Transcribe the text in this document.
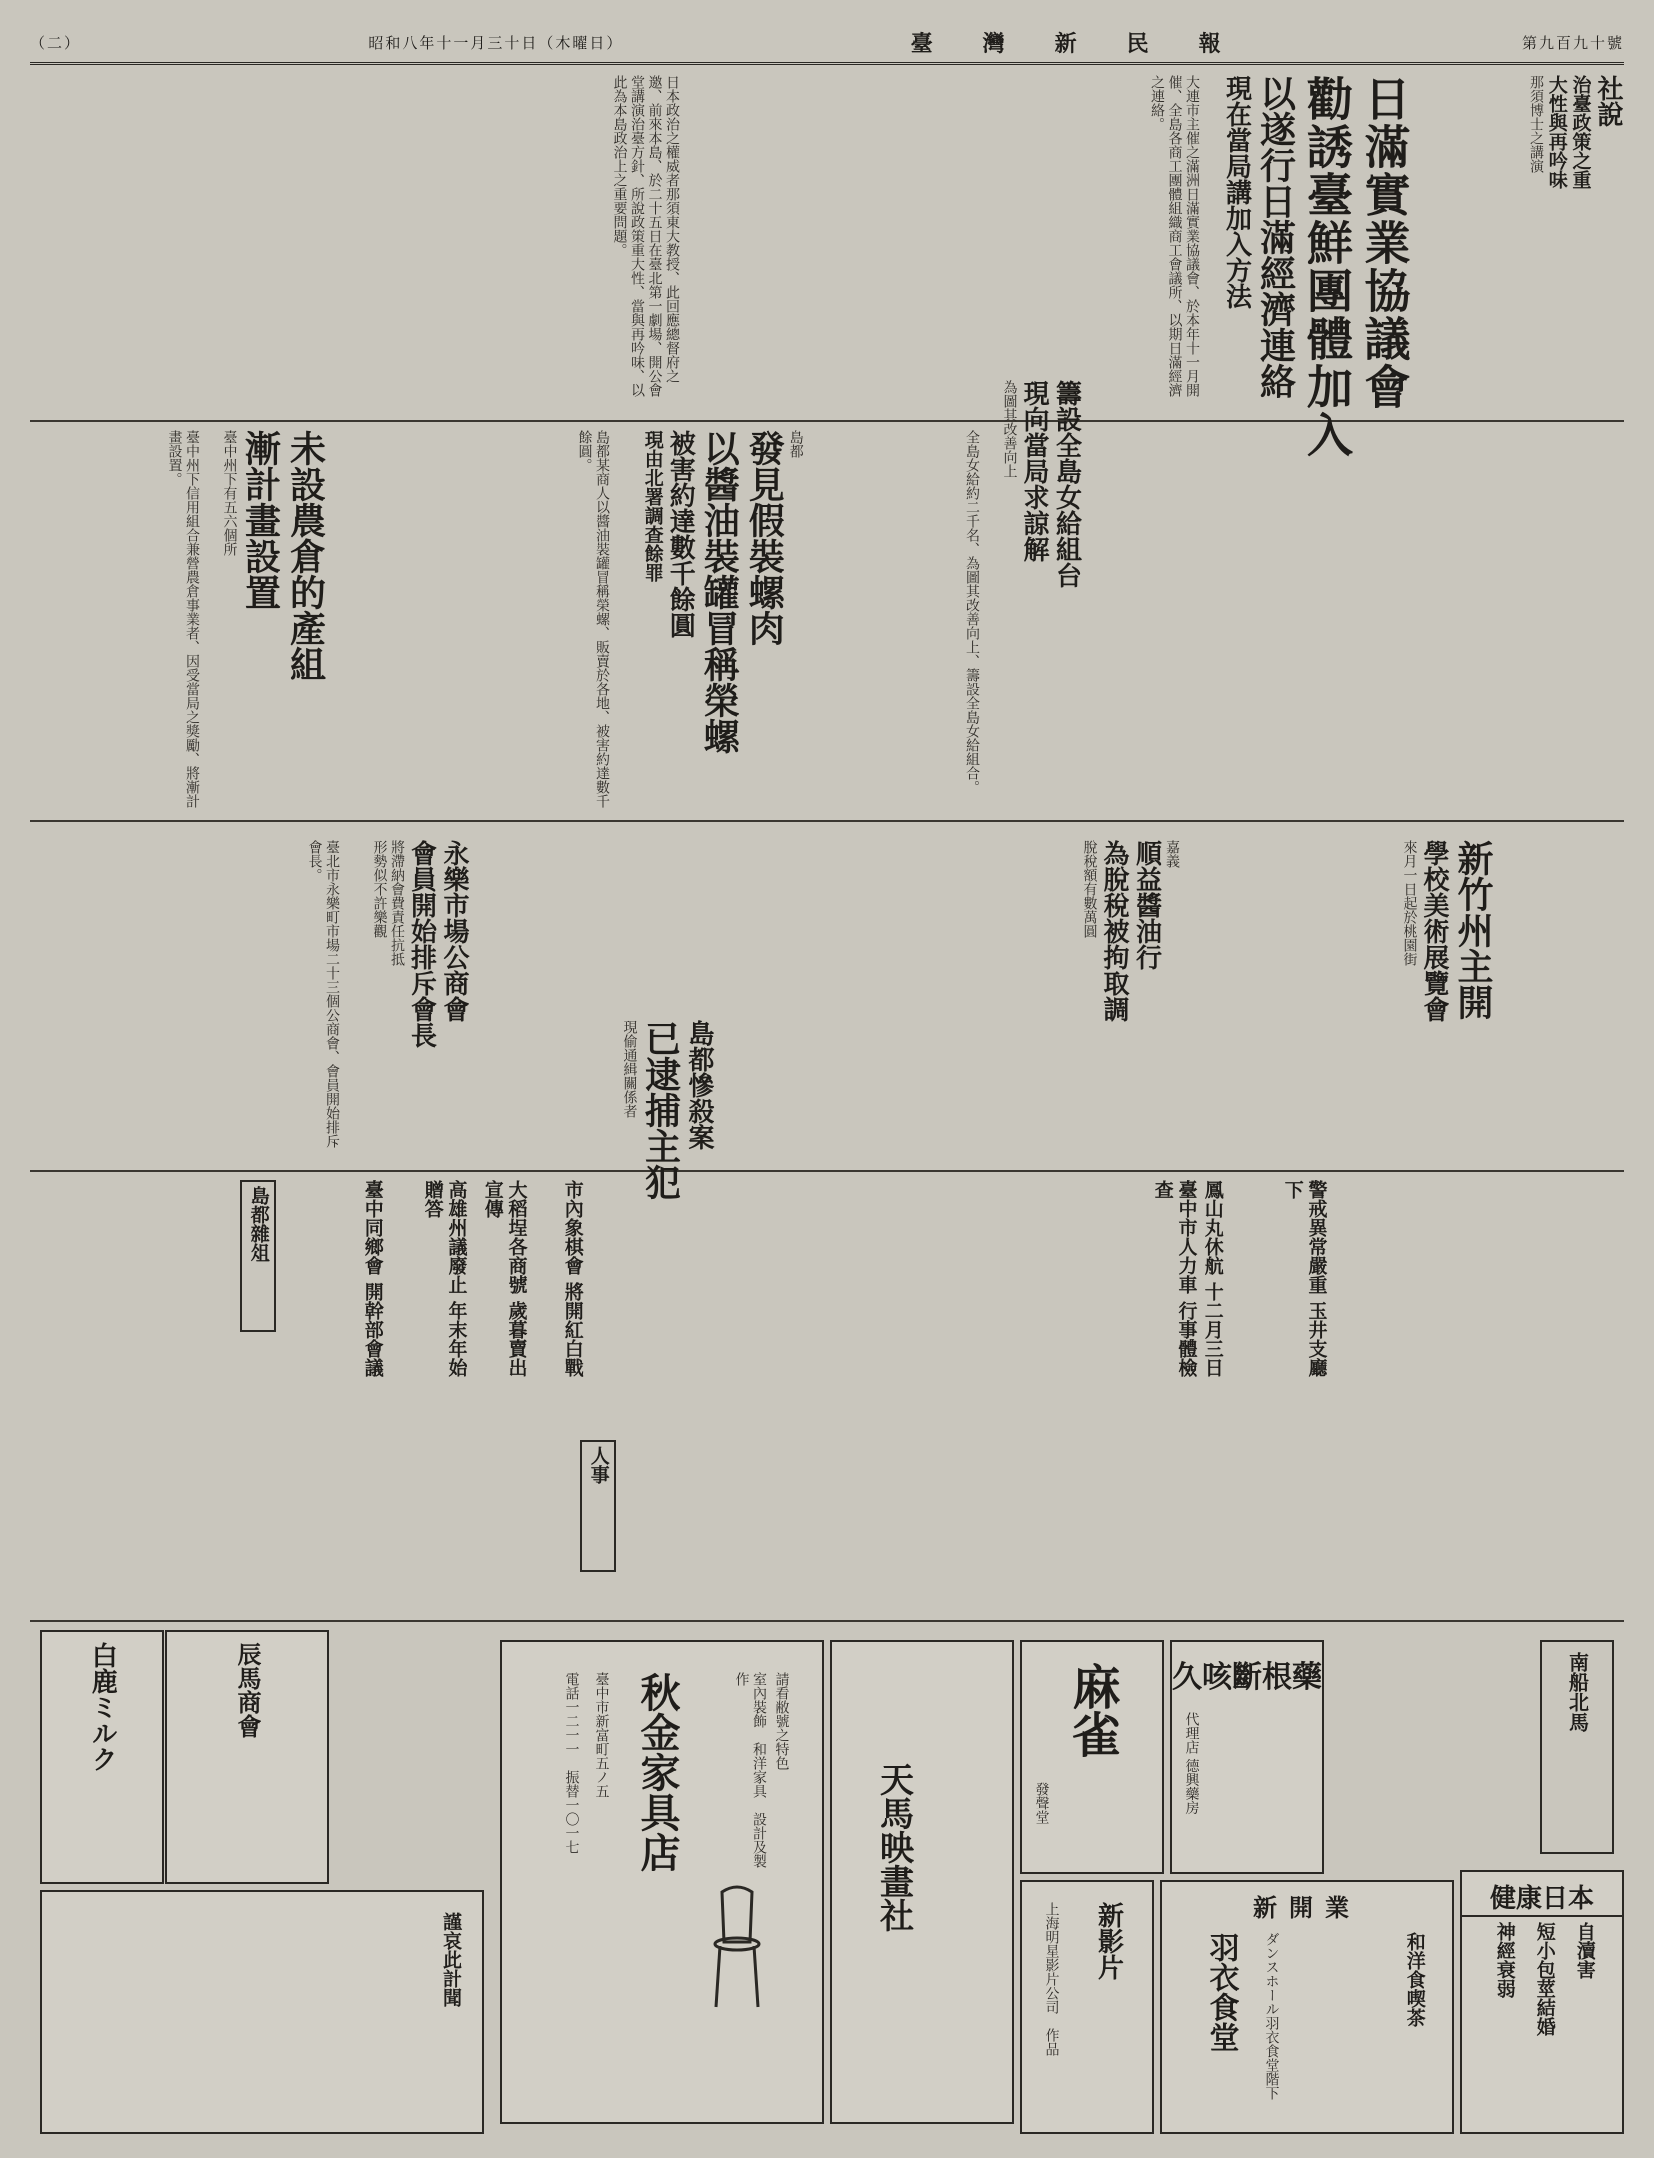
（二）	昭和八年十一月三十日（木曜日）	臺　灣　新　民　報	第九百九十號
社說
治臺政策之重
大性與再吟味
那須博士之講演
日本政治之權威者那須東大教授、此回應總督府之邀、前來本島、於二十五日在臺北第一劇場、開公會堂講演治臺方針、所說政策重大性、當與再吟味、以此為本島政治上之重要問題。	日滿實業協議會
勸誘臺鮮團體加入
以遂行日滿經濟連絡
現在當局講加入方法
大連市主催之滿洲日滿實業協議會、於本年十一月開催、全島各商工團體組織商工會議所、以期日滿經濟之連絡。
未設農倉的產組
漸計畫設置
臺中州下有五六個所
臺中州下信用組合兼營農倉事業者、因受當局之獎勵、將漸計畫設置。	島都
發見假裝螺肉
以醬油裝罐冒稱榮螺
被害約達數千餘圓
現由北署調查餘罪
島都某商人以醬油裝罐冒稱榮螺、販賣於各地、被害約達數千餘圓。	籌設全島女給組台
現向當局求諒解
為圖其改善向上
全島女給約二千名、為圖其改善向上、籌設全島女給組合。
永樂市場公商會
會員開始排斥會長
將滯納會費責任抗抵
形勢似不許樂觀
臺北市永樂町市場二十三個公商會、會員開始排斥會長。	新竹州主開
學校美術展覽會
來月一日起於桃園街
嘉義
順益醬油行
為脫稅被拘取調
脫稅額有數萬圓
島都慘殺案
已逮捕主犯
現偷通緝關係者
市內象棋會 將開紅白戰
大稻埕各商號 歲暮賣出宣傳
高雄州議廢止 年末年始贈答
臺中同鄉會 開幹部會議
警戒異常嚴重 玉井支廳下
鳳山丸休航 十二月三日
臺中市人力車 行事體檢查
島都雜俎
人事
白鹿ミルク	辰馬商會	秋金家具店
臺中市新富町五ノ五
電話一二一一　振替一〇一七	室內裝飾　和洋家具　設計及製作	請看敝號之特色
天馬映畫社
麻雀
發聲堂
久咳斷根藥
代理店 德興藥房
健康日本
自瀆害
短小包莖結婚
神經衰弱
新影片
上海明星影片公司　作品	新開業
和洋食喫茶
羽衣食堂 ダンスホール羽衣食堂階下
謹哀此計聞
南船北馬
